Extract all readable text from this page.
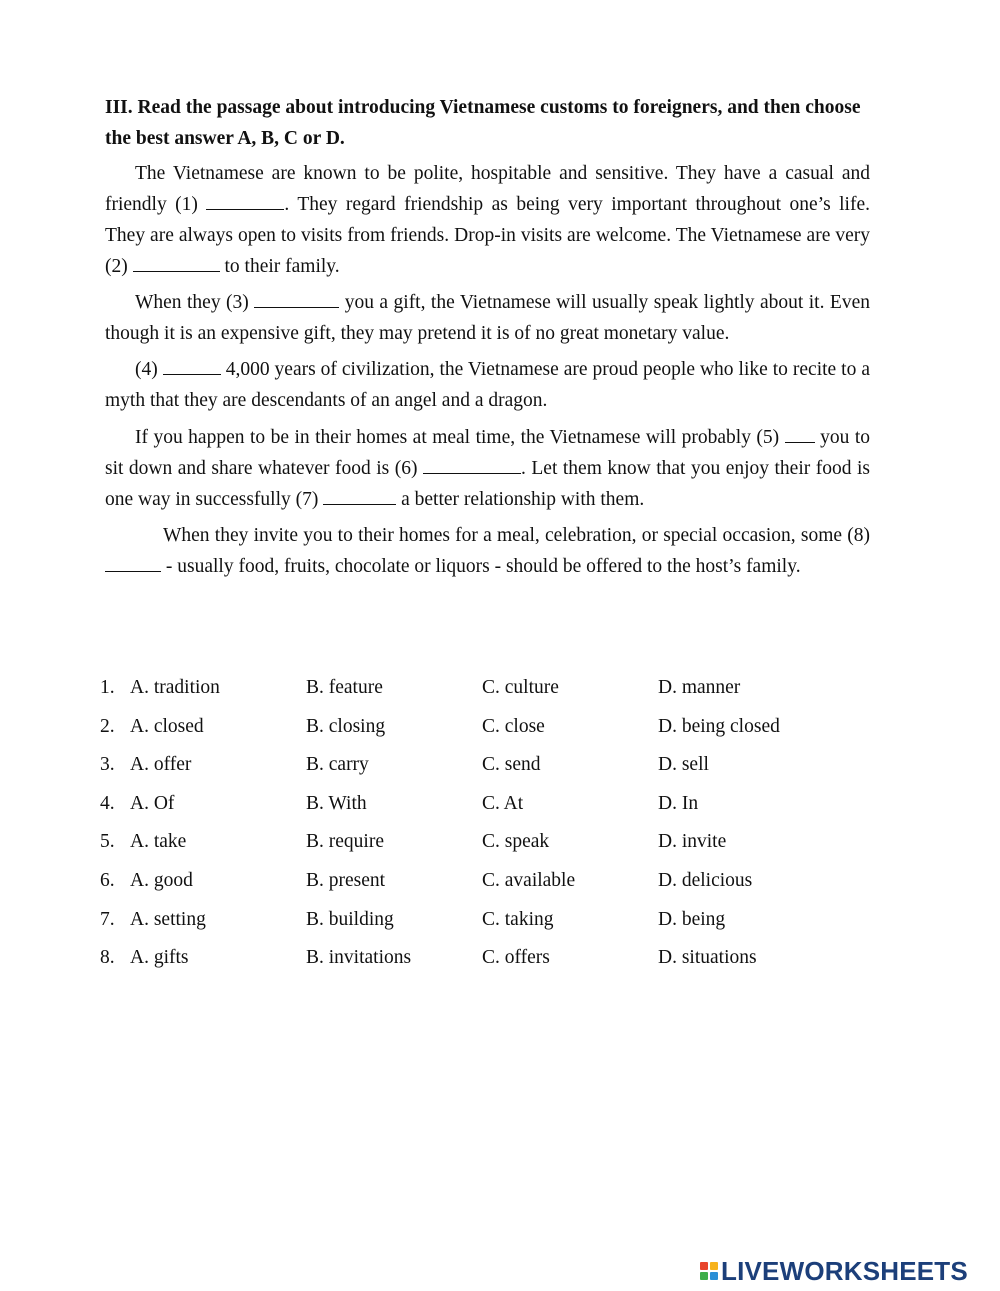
III. Read the passage about introducing Vietnamese customs to foreigners, and then choose the best answer A, B, C or D.

The Vietnamese are known to be polite, hospitable and sensitive. They have a casual and friendly (1)	. They regard friendship as being very important throughout one’s life. They are always open to visits from friends. Drop-in visits are welcome. The Vietnamese are very (2)	to their family.

When they (3)	you a gift, the Vietnamese will usually speak lightly about it. Even though it is an expensive gift, they may pretend it is of no great monetary value.

(4)	4,000 years of civilization, the Vietnamese are proud people who like to recite to a myth that they are descendants of an angel and a dragon.

If you happen to be in their homes at meal time, the Vietnamese will probably (5)  you to sit down and share whatever food is (6)	. Let them know that you enjoy their food is one way in successfully (7)	a better relationship with them.

When they invite you to their homes for a meal, celebration, or special occasion, some (8)  - usually food, fruits, chocolate or liquors - should be offered to the host’s family.

1. A. tradition	B. feature	C. culture	D. manner
2. A. closed	B. closing	C. close	D. being closed
3. A. offer	B. carry	C. send	D. sell
4. A. Of	B. With	C. At	D. In
5. A. take	B. require	C. speak	D. invite
6. A. good	B. present	C. available	D. delicious
7. A. setting	B. building	C. taking	D. being
8. A. gifts	B. invitations	C. offers	D. situations
LIVEWORKSHEETS
